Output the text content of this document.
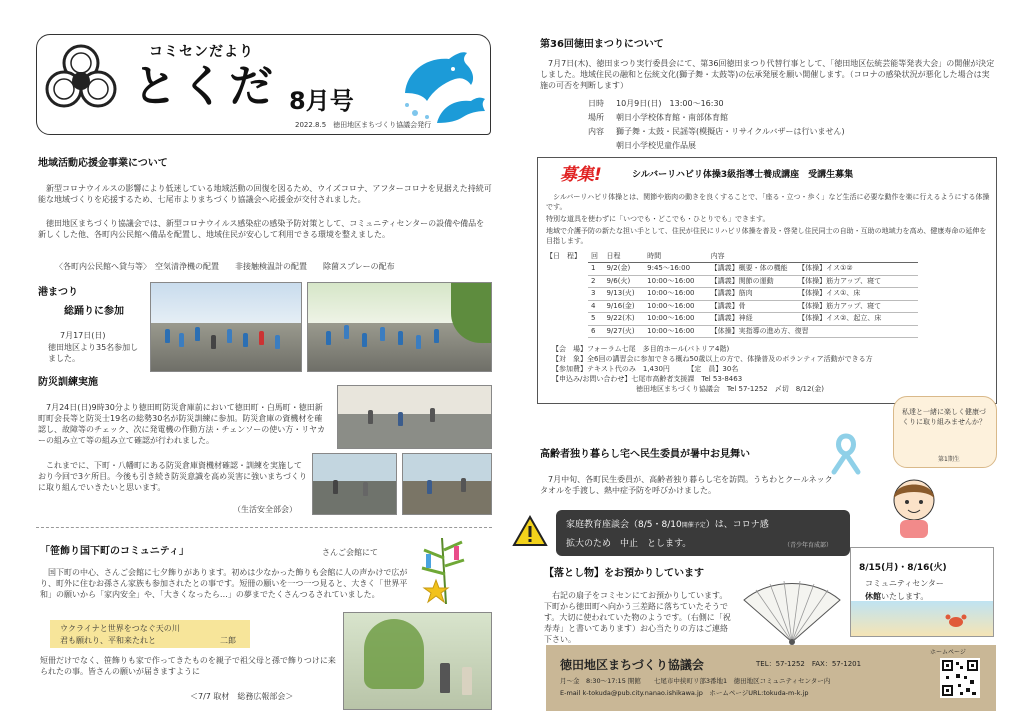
コミセンだより
とくだ 8月号
2022.8.5　徳田地区まちづくり協議会発行
地域活動応援金事業について
新型コロナウイルスの影響により低迷している地域活動の回復を図るため、ウイズコロナ、アフターコロナを見据えた持続可能な地域づくりを応援するため、七尾市よりまちづくり協議会へ応援金が交付されました。
徳田地区まちづくり協議会では、新型コロナウイルス感染症の感染予防対策として、コミュニティセンターの設備や備品を新しくした他、各町内公民館へ備品を配置し、地域住民が安心して利用できる環境を整えました。
〈各町内公民館へ貸与等〉　空気清浄機の配置　　非接触検温計の配置　　除菌スプレーの配布
港まつり
総踊りに参加
7月17日(日)
徳田地区より35名参加しました。
防災訓練実施
7月24日(日)9時30分より徳田町防災倉庫前において徳田町・白馬町・徳田新町町会長等と防災士19名の総勢30名が防災訓練に参加。防災倉庫の資機材を確認し、故障等のチェック、次に発電機の作動方法・チェンソーの使い方・リヤカーの組み立て等の組み立て確認が行われました。
これまでに、下町・八幡町にある防災倉庫資機材確認・訓練を実施しており今回で3ケ所目。今後も引き続き防災意識を高め災害に強いまちづくりに取り組んでいきたいと思います。
（生活安全部会）
「笹飾り国下町のコミュニティ」	さんご会館にて
国下町の中心、さんご会館に七夕飾りがあります。初めは少なかった飾りも会館に人の声かけで広がり、町外に住むお孫さん家族も参加されたとの事です。短冊の願いを一つ一つ見ると、大きく「世界平和」の願いから「家内安全」や、「大きくなったら…」の夢までたくさんつるされていました。
ウクライナと世界をつなぐ天の川
君も願れり、平和来たれと	二郎
短冊だけでなく、笹飾りも家で作ってきたものを親子で祖父母と孫で飾りつけに来られたの事。皆さんの願いが届きますように
＜7/7 取材　総務広報部会＞
第36回徳田まつりについて
7月7日(木)、徳田まつり実行委員会にて、第36回徳田まつり代替行事として、「徳田地区伝統芸能等発表大会」の開催が決定しました。地域住民の融和と伝統文化(獅子舞・太鼓等)の伝承発展を願い開催します。（コロナの感染状況が悪化した場合は実施の可否を判断します）
日時 10月9日(日)　13:00～16:30
場所 朝日小学校体育館・南部体育館
内容 獅子舞・太鼓・民謡等(模擬店・リサイクルバザーは行いません)
朝日小学校児童作品展
募集!	シルバーリハビリ体操3級指導士養成講座　受講生募集
シルバーリハビリ体操とは、関節や筋肉の動きを良くすることで、「座る・立つ・歩く」など生活に必要な動作を楽に行えるようにする体操です。
特別な道具を使わずに「いつでも・どこでも・ひとりでも」できます。
地域で介護予防の新たな担い手として、住民が住民にリハビリ体操を普及・啓発し住民同士の自助・互助の地域力を高め、健康寿命の延伸を目指します。
【日　程】 回	日程	時間	内容
1	9/2(金)	9:45～16:00	【講義】概要・体の機能　　【体操】イス①②
2	9/6(火)	10:00～16:00	【講義】関節の運動　　　　【体操】筋力アップ、寝て
3	9/13(火)	10:00～16:00	【講義】筋肉　　　　　　　【体操】イス①、床
4	9/16(金)	10:00～16:00	【講義】骨　　　　　　　　【体操】筋力アップ、寝て
5	9/22(木)	10:00～16:00	【講義】神経　　　　　　　【体操】イス②、起立、床
6	9/27(火)	10:00～16:00	【体操】実指導の進め方、復習
【会　場】フォーラム七尾　多目的ホール(パトリア4階)
【対　象】全6回の講習会に参加できる概ね50歳以上の方で、体操普及のボランティア活動ができる方
【参加費】テキスト代のみ　1,430円　　　【定　員】30名
【申込み/お問い合わせ】七尾市高齢者支援課　Tel 53-8463
　　　　　　　　　　　　徳田地区まちづくり協議会　Tel 57-1252　〆切　8/12(金)
私達と一緒に楽しく健康づくりに取り組みませんか？
第1期生
高齢者独り暮らし宅へ民生委員が暑中お見舞い
7月中旬、各町民生委員が、高齢者独り暮らし宅を訪問。うちわとクールネックタオルを手渡し、熱中症予防を呼びかけました。
家庭教育座談会（8/5・8/10開催予定）は、コロナ感
拡大のため　中止　とします。	（青少年育成部）
【落とし物】をお預かりしています
右記の扇子をコミセンにてお預かりしています。下町から徳田町へ向かう三差路に落ちていたそうです。大切に使われていた物のようです。（右側に「祝寿寿」と書いてあります）お心当たりの方はご連絡下さい。
8/15(月)・8/16(火)
コミュニティセンター
休館いたします。
徳田地区まちづくり協議会	TEL：57-1252　FAX：57-1201
月～金　8:30～17:15 開館　　七尾市中挟町リ部3番地1　徳田地区コミュニティセンター内
E-mail k-tokuda@pub.city.nanao.ishikawa.jp　ホームページURL:tokuda-m-k.jp
ホームページ
